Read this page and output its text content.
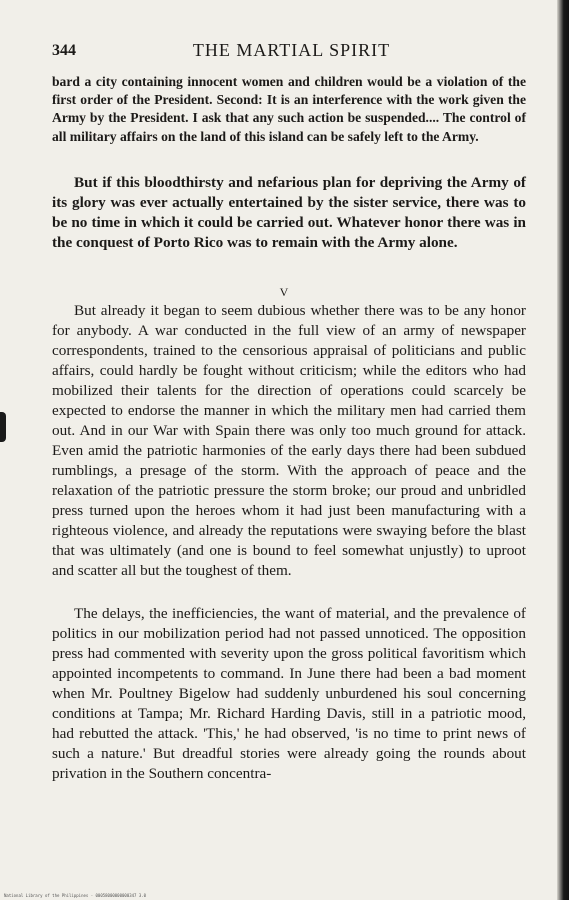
344	THE MARTIAL SPIRIT
bard a city containing innocent women and children would be a violation of the first order of the President. Second: It is an interference with the work given the Army by the President. I ask that any such action be suspended.... The control of all military affairs on the land of this island can be safely left to the Army.
But if this bloodthirsty and nefarious plan for depriving the Army of its glory was ever actually entertained by the sister service, there was to be no time in which it could be carried out. Whatever honor there was in the conquest of Porto Rico was to remain with the Army alone.
V
But already it began to seem dubious whether there was to be any honor for anybody. A war conducted in the full view of an army of newspaper correspondents, trained to the censorious appraisal of politicians and public affairs, could hardly be fought without criticism; while the editors who had mobilized their talents for the direction of operations could scarcely be expected to endorse the manner in which the military men had carried them out. And in our War with Spain there was only too much ground for attack. Even amid the patriotic harmonies of the early days there had been subdued rumblings, a presage of the storm. With the approach of peace and the relaxation of the patriotic pressure the storm broke; our proud and unbridled press turned upon the heroes whom it had just been manufacturing with a righteous violence, and already the reputations were swaying before the blast that was ultimately (and one is bound to feel somewhat unjustly) to uproot and scatter all but the toughest of them.
The delays, the inefficiencies, the want of material, and the prevalence of politics in our mobilization period had not passed unnoticed. The opposition press had commented with severity upon the gross political favoritism which appointed incompetents to command. In June there had been a bad moment when Mr. Poultney Bigelow had suddenly unburdened his soul concerning conditions at Tampa; Mr. Richard Harding Davis, still in a patriotic mood, had rebutted the attack. 'This,' he had observed, 'is no time to print news of such a nature.' But dreadful stories were already going the rounds about privation in the Southern concentra-
National Library of the Philippines · 00058000000000347 3.0
